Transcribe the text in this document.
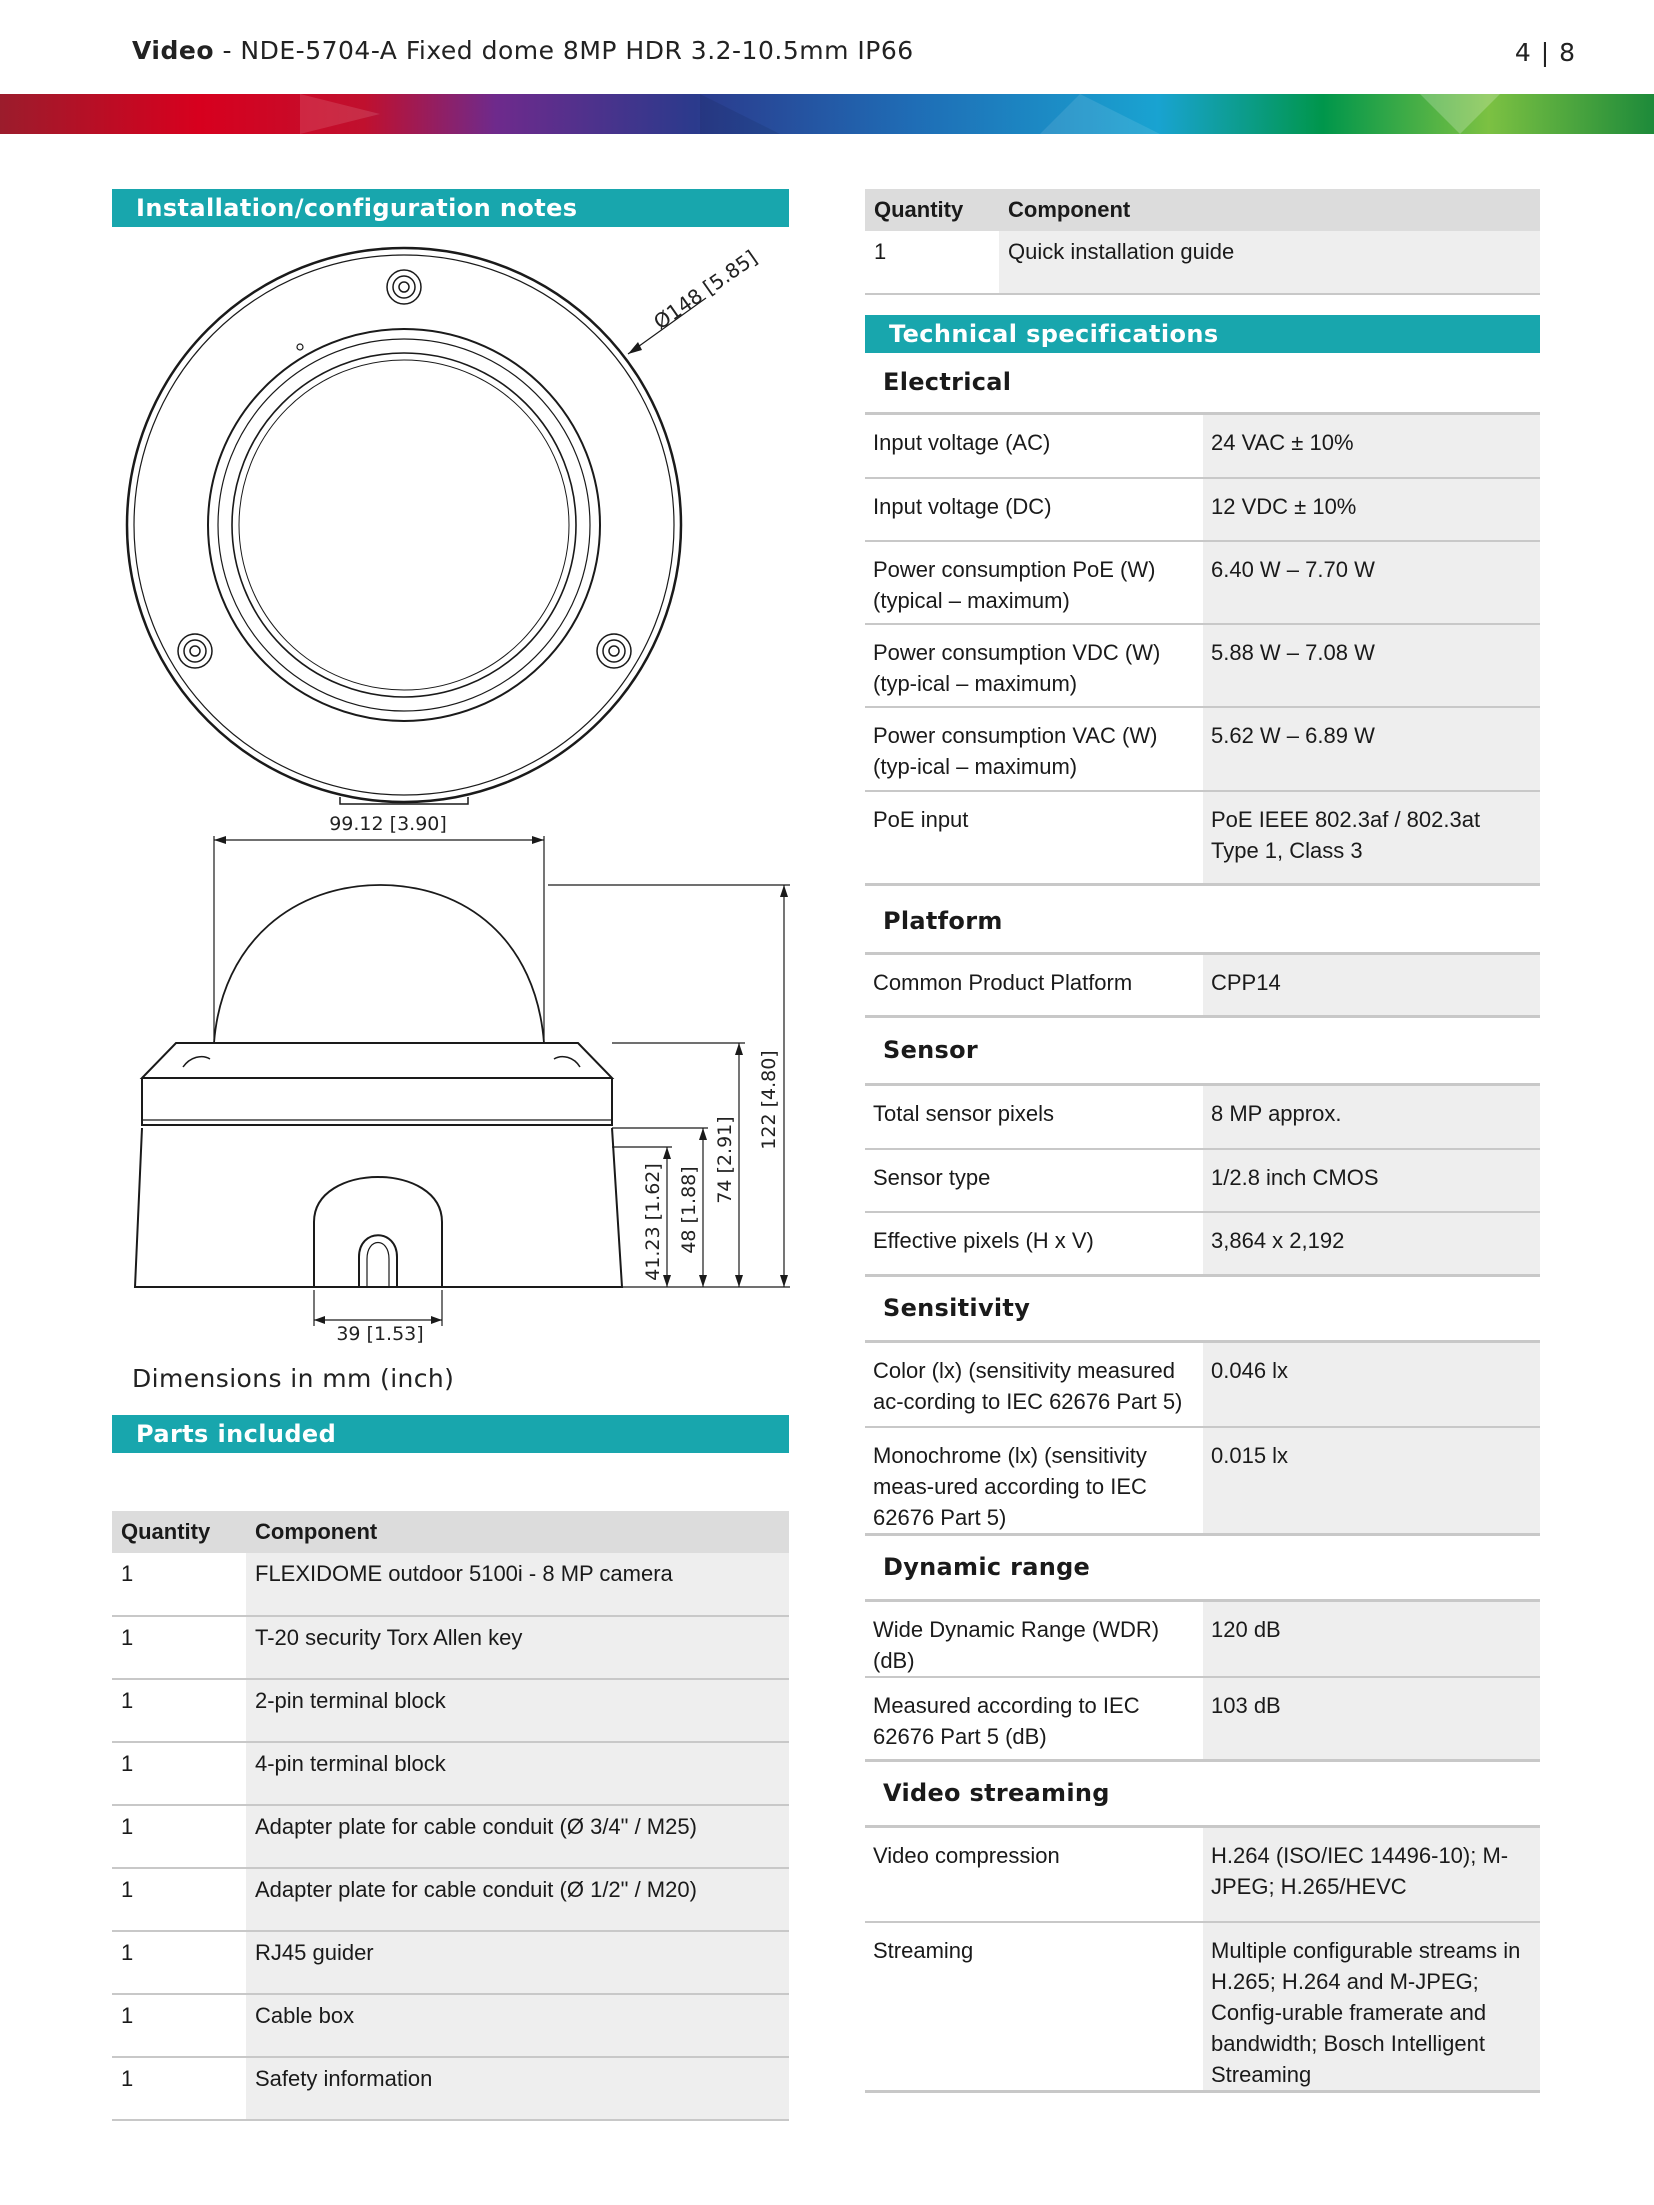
Video - NDE-5704-A Fixed dome 8MP HDR 3.2-10.5mm IP66	4 | 8
Installation/configuration notes
Ø148 [5.85]
99.12 [3.90]
122 [4.80]
74 [2.91]
48 [1.88]
41.23 [1.62]
39 [1.53]
Dimensions in mm (inch)
Parts included
Quantity	Component
1	FLEXIDOME outdoor 5100i - 8 MP camera
1	T-20 security Torx Allen key
1	2-pin terminal block
1	4-pin terminal block
1	Adapter plate for cable conduit (Ø 3/4" / M25)
1	Adapter plate for cable conduit (Ø 1/2" / M20)
1	RJ45 guider
1	Cable box
1	Safety information
Quantity	Component
1	Quick installation guide
Technical specifications
Electrical
Input voltage (AC)	24 VAC ± 10%
Input voltage (DC)	12 VDC ± 10%
Power consumption PoE (W) (typical – maximum)	6.40 W – 7.70 W
Power consumption VDC (W) (typ-ical – maximum)	5.88 W – 7.08 W
Power consumption VAC (W) (typ-ical – maximum)	5.62 W – 6.89 W
PoE input	PoE IEEE 802.3af / 802.3at Type 1, Class 3
Platform
Common Product Platform	CPP14
Sensor
Total sensor pixels	8 MP approx.
Sensor type	1/2.8 inch CMOS
Effective pixels (H x V)	3,864 x 2,192
Sensitivity
Color (lx) (sensitivity measured ac-cording to IEC 62676 Part 5)	0.046 lx
Monochrome (lx) (sensitivity meas-ured according to IEC 62676 Part 5)	0.015 lx
Dynamic range
Wide Dynamic Range (WDR) (dB)	120 dB
Measured according to IEC 62676 Part 5 (dB)	103 dB
Video streaming
Video compression	H.264 (ISO/IEC 14496-10); M-JPEG; H.265/HEVC
Streaming	Multiple configurable streams in H.265; H.264 and M-JPEG; Config-urable framerate and bandwidth; Bosch Intelligent Streaming
